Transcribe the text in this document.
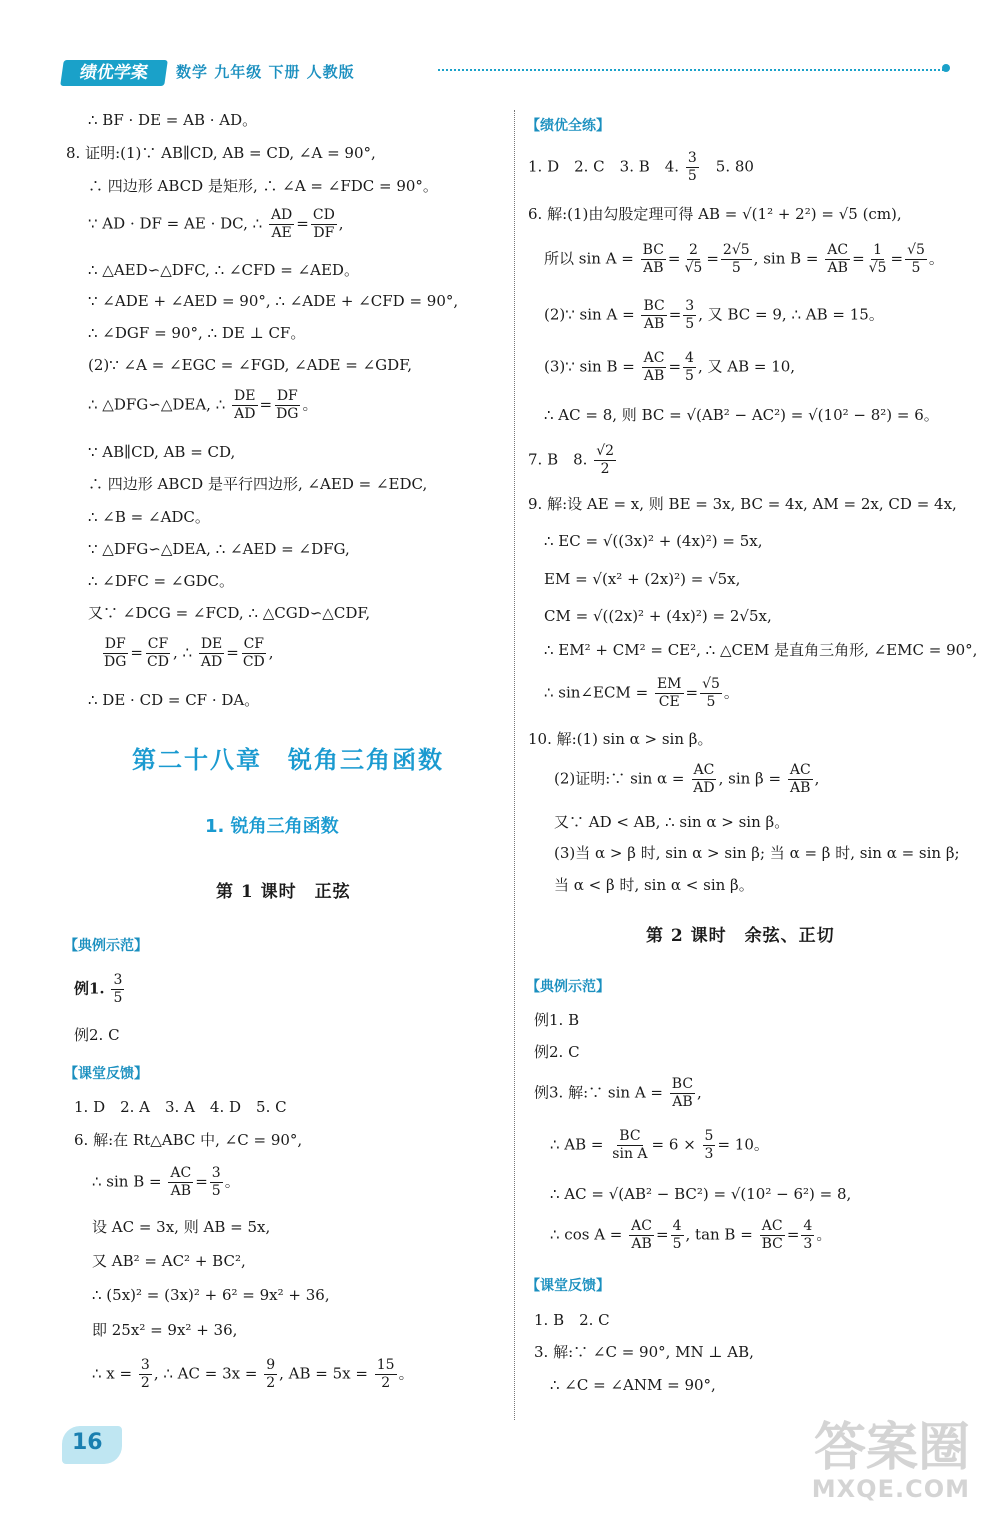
绩优学案	数学 九年级 下册 人教版
∴ BF · DE = AB · AD。
8. 证明:(1)∵ AB∥CD, AB = CD, ∠A = 90°,
∴ 四边形 ABCD 是矩形, ∴ ∠A = ∠FDC = 90°。
∵ AD · DF = AE · DC, ∴ $\frac{AD}{AE} = \frac{CD}{DF}$ ,
∴ △AED∽△DFC, ∴ ∠CFD = ∠AED。
∵ ∠ADE + ∠AED = 90°, ∴ ∠ADE + ∠CFD = 90°,
∴ ∠DGF = 90°, ∴ DE ⊥ CF。
(2)∵ ∠A = ∠EGC = ∠FGD, ∠ADE = ∠GDF,
∴ △DFG∽△DEA, ∴ $\frac{DE}{AD} = \frac{DF}{DG}$ 。
∵ AB∥CD, AB = CD,
∴ 四边形 ABCD 是平行四边形, ∠AED = ∠EDC,
∴ ∠B = ∠ADC。
∵ △DFG∽△DEA, ∴ ∠AED = ∠DFG,
∴ ∠DFC = ∠GDC。
又∵ ∠DCG = ∠FCD, ∴ △CGD∽△CDF,
$\frac{DF}{DG} = \frac{CF}{CD}$ , ∴ $\frac{DE}{AD} = \frac{CF}{CD}$ ,
∴ DE · CD = CF · DA。
第二十八章　锐角三角函数
1. 锐角三角函数
第 1 课时　正弦
【典例示范】
例1. $\frac{3}{5}$
例2. C
【课堂反馈】
1. D　2. A　3. A　4. D　5. C
6. 解:在 Rt△ABC 中, ∠C = 90°,
∴ $\sin B = \frac{AC}{AB} = \frac{3}{5}$ 。
设 AC = 3x, 则 AB = 5x,
又 AB² = AC² + BC²,
∴ (5x)² = (3x)² + 6² = 9x² + 36,
即 25x² = 9x² + 36,
∴ $x = \frac{3}{2}$ , ∴ AC = $3x = \frac{9}{2}$ , AB = $5x = \frac{15}{2}$ 。
【绩优全练】
1. D　2. C　3. B　4. $\frac{3}{5}$ 　5. 80
6. 解:(1)由勾股定理可得 AB = √(1² + 2²) = √5 (cm),
所以 $\sin A = \frac{BC}{AB} = \frac{2}{√5} = \frac{2√5}{5}$ , $\sin B = \frac{AC}{AB} = \frac{1}{√5} = \frac{√5}{5}$ 。
(2)∵ $\sin A = \frac{BC}{AB} = \frac{3}{5}$ , 又 BC = 9, ∴ AB = 15。
(3)∵ $\sin B = \frac{AC}{AB} = \frac{4}{5}$ , 又 AB = 10,
∴ AC = 8, 则 BC = √(AB² − AC²) = √(10² − 8²) = 6。
7. B　8. $\frac{√2}{2}$
9. 解:设 AE = x, 则 BE = 3x, BC = 4x, AM = 2x, CD = 4x,
∴ EC = √((3x)² + (4x)²) = 5x,
EM = √(x² + (2x)²) = √5x,
CM = √((2x)² + (4x)²) = 2√5x,
∴ EM² + CM² = CE², ∴ △CEM 是直角三角形, ∠EMC = 90°,
∴ sin∠ECM = $\frac{EM}{CE} = \frac{√5}{5}$ 。
10. 解:(1) sin α > sin β。
(2)证明:∵ $\sin \alpha = \frac{AC}{AD}$ , $\sin \beta = \frac{AC}{AB}$ ,
又∵ AD < AB, ∴ sin α > sin β。
(3)当 α > β 时, sin α > sin β; 当 α = β 时, sin α = sin β;
当 α < β 时, sin α < sin β。
第 2 课时　余弦、正切
【典例示范】
例1. B
例2. C
例3. 解:∵ $\sin A = \frac{BC}{AB}$ ,
∴ AB = $\frac{BC}{\text{sin A}} = 6 \times \frac{5}{3} = 10$。
∴ AC = √(AB² − BC²) = √(10² − 6²) = 8,
∴ $\cos A = \frac{AC}{AB} = \frac{4}{5}$ , $\tan B = \frac{AC}{BC} = \frac{4}{3}$ 。
【课堂反馈】
1. B　2. C
3. 解:∵ ∠C = 90°, MN ⊥ AB,
∴ ∠C = ∠ANM = 90°,
16	答案圈
MXQE.COM
